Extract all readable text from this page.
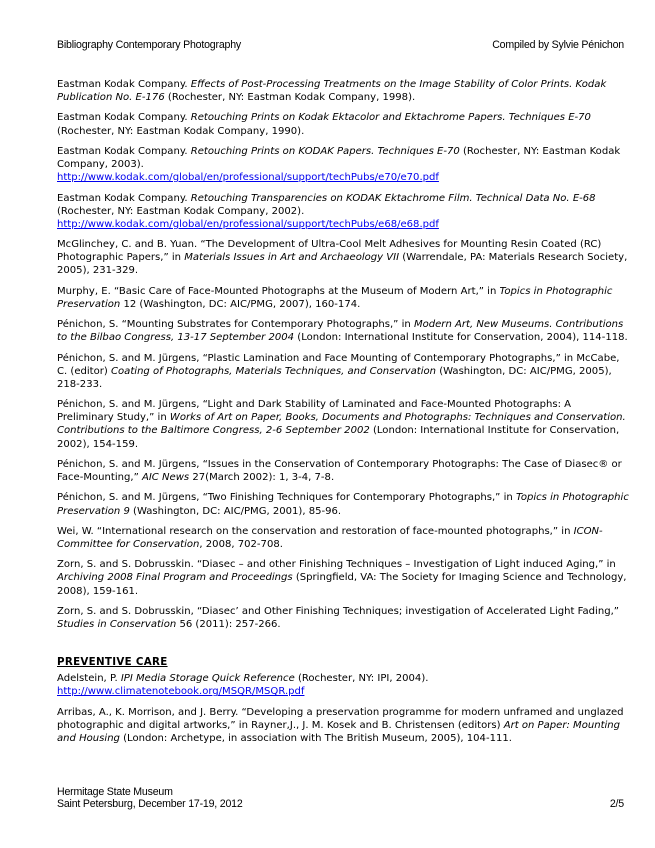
Bibliography Contemporary Photography	Compiled by Sylvie Pénichon
Eastman Kodak Company. Effects of Post-Processing Treatments on the Image Stability of Color Prints. Kodak Publication No. E-176 (Rochester, NY: Eastman Kodak Company, 1998).
Eastman Kodak Company. Retouching Prints on Kodak Ektacolor and Ektachrome Papers. Techniques E-70 (Rochester, NY: Eastman Kodak Company, 1990).
Eastman Kodak Company. Retouching Prints on KODAK Papers. Techniques E-70 (Rochester, NY: Eastman Kodak Company, 2003).
http://www.kodak.com/global/en/professional/support/techPubs/e70/e70.pdf
Eastman Kodak Company. Retouching Transparencies on KODAK Ektachrome Film. Technical Data No. E-68 (Rochester, NY: Eastman Kodak Company, 2002).
http://www.kodak.com/global/en/professional/support/techPubs/e68/e68.pdf
McGlinchey, C. and B. Yuan. “The Development of Ultra-Cool Melt Adhesives for Mounting Resin Coated (RC) Photographic Papers,” in Materials Issues in Art and Archaeology VII (Warrendale, PA: Materials Research Society, 2005), 231-329.
Murphy, E. “Basic Care of Face-Mounted Photographs at the Museum of Modern Art,” in Topics in Photographic Preservation 12 (Washington, DC: AIC/PMG, 2007), 160-174.
Pénichon, S. “Mounting Substrates for Contemporary Photographs,” in Modern Art, New Museums. Contributions to the Bilbao Congress, 13-17 September 2004 (London: International Institute for Conservation, 2004), 114-118.
Pénichon, S. and M. Jürgens, “Plastic Lamination and Face Mounting of Contemporary Photographs,” in McCabe, C. (editor) Coating of Photographs, Materials Techniques, and Conservation (Washington, DC: AIC/PMG, 2005), 218-233.
Pénichon, S. and M. Jürgens, “Light and Dark Stability of Laminated and Face-Mounted Photographs: A Preliminary Study,” in Works of Art on Paper, Books, Documents and Photographs: Techniques and Conservation. Contributions to the Baltimore Congress, 2-6 September 2002 (London: International Institute for Conservation, 2002), 154-159.
Pénichon, S. and M. Jürgens, “Issues in the Conservation of Contemporary Photographs: The Case of Diasec® or Face-Mounting,” AIC News 27(March 2002): 1, 3-4, 7-8.
Pénichon, S. and M. Jürgens, “Two Finishing Techniques for Contemporary Photographs,” in Topics in Photographic Preservation 9 (Washington, DC: AIC/PMG, 2001), 85-96.
Wei, W. “International research on the conservation and restoration of face-mounted photographs,” in ICON-Committee for Conservation, 2008, 702-708.
Zorn, S. and S. Dobrusskin. “Diasec – and other Finishing Techniques – Investigation of Light induced Aging,” in Archiving 2008 Final Program and Proceedings (Springfield, VA: The Society for Imaging Science and Technology, 2008), 159-161.
Zorn, S. and S. Dobrusskin, “Diasec’ and Other Finishing Techniques; investigation of Accelerated Light Fading,” Studies in Conservation 56 (2011): 257-266.
PREVENTIVE CARE
Adelstein, P. IPI Media Storage Quick Reference (Rochester, NY: IPI, 2004).
http://www.climatenotebook.org/MSQR/MSQR.pdf
Arribas, A., K. Morrison, and J. Berry. “Developing a preservation programme for modern unframed and unglazed photographic and digital artworks,” in Rayner,J., J. M. Kosek and B. Christensen (editors) Art on Paper: Mounting and Housing (London: Archetype, in association with The British Museum, 2005), 104-111.
Hermitage State Museum
Saint Petersburg, December 17-19, 2012	2/5
